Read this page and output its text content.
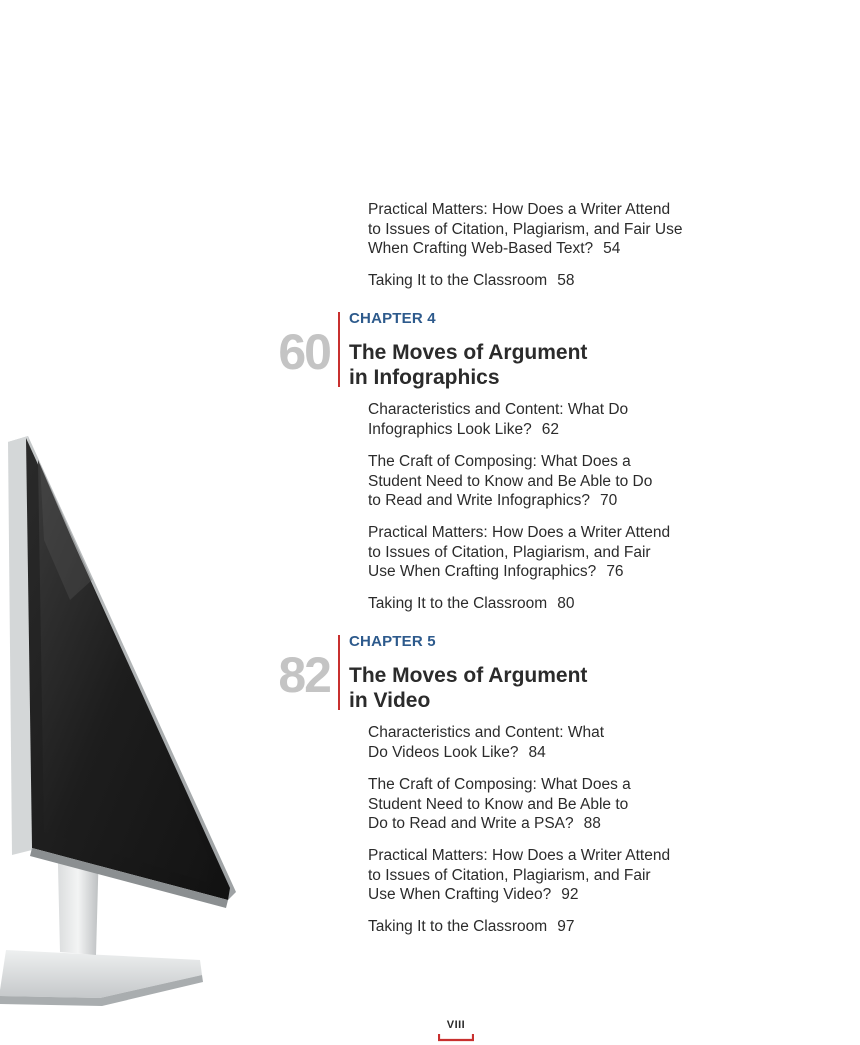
Practical Matters: How Does a Writer Attend
to Issues of Citation, Plagiarism, and Fair Use
When Crafting Web-Based Text? 54

Taking It to the Classroom 58

60
CHAPTER 4
The Moves of Argument
in Infographics

Characteristics and Content: What Do
Infographics Look Like? 62

The Craft of Composing: What Does a
Student Need to Know and Be Able to Do
to Read and Write Infographics? 70

Practical Matters: How Does a Writer Attend
to Issues of Citation, Plagiarism, and Fair
Use When Crafting Infographics? 76

Taking It to the Classroom 80

82
CHAPTER 5
The Moves of Argument
in Video

Characteristics and Content: What
Do Videos Look Like? 84

The Craft of Composing: What Does a
Student Need to Know and Be Able to
Do to Read and Write a PSA? 88

Practical Matters: How Does a Writer Attend
to Issues of Citation, Plagiarism, and Fair
Use When Crafting Video? 92

Taking It to the Classroom 97

VIII
